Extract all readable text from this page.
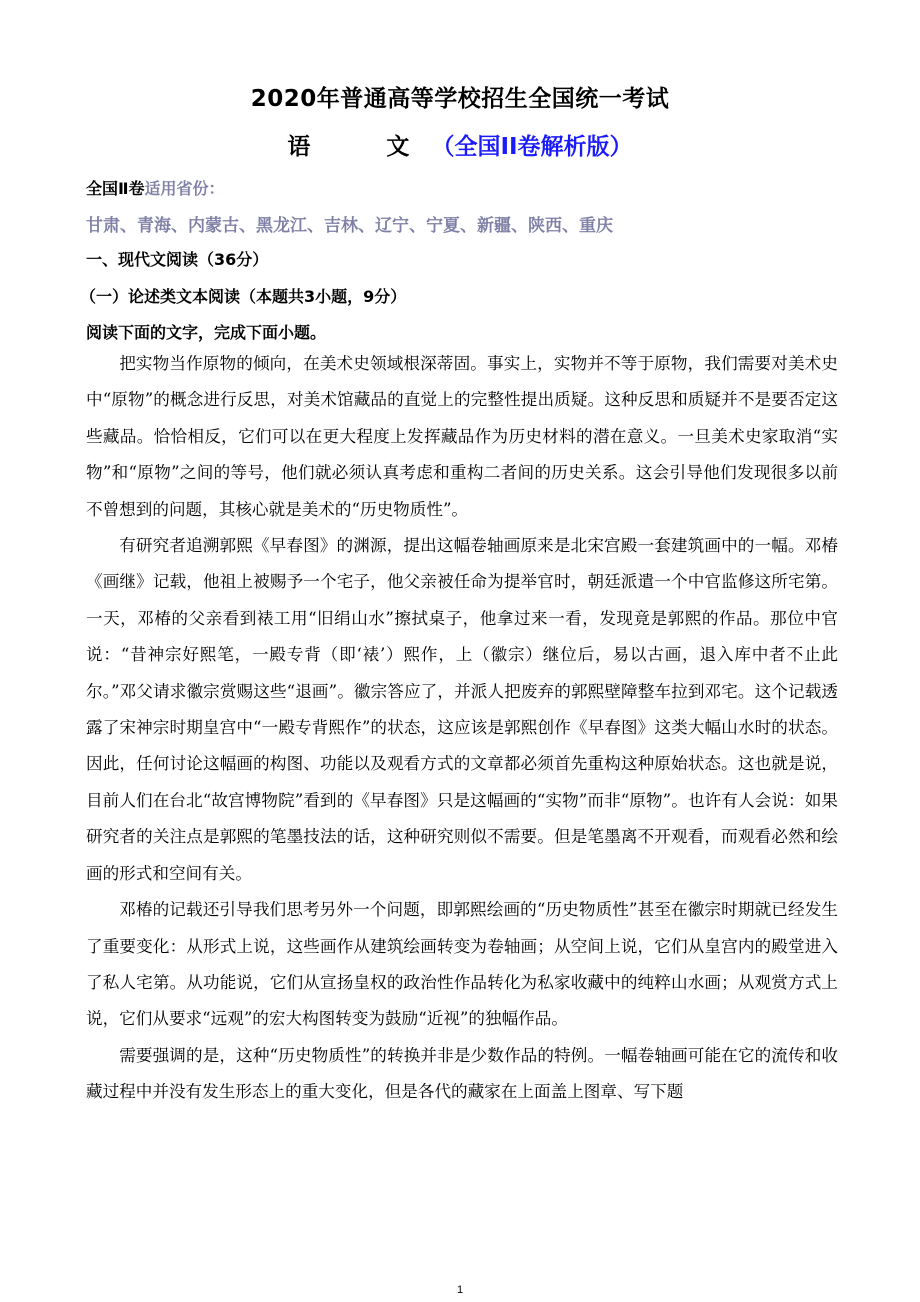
2020年普通高等学校招生全国统一考试
语 文（全国II卷解析版）
全国Ⅱ卷适用省份：
甘肃、青海、内蒙古、黑龙江、吉林、辽宁、宁夏、新疆、陕西、重庆
一、现代文阅读（36分）
（一）论述类文本阅读（本题共3小题，9分）
阅读下面的文字，完成下面小题。

把实物当作原物的倾向，在美术史领域根深蒂固。事实上，实物并不等于原物，我们需要对美术史中“原物”的概念进行反思，对美术馆藏品的直觉上的完整性提出质疑。这种反思和质疑并不是要否定这些藏品。恰恰相反，它们可以在更大程度上发挥藏品作为历史材料的潜在意义。一旦美术史家取消“实物”和“原物”之间的等号，他们就必须认真考虑和重构二者间的历史关系。这会引导他们发现很多以前不曾想到的问题，其核心就是美术的“历史物质性”。

有研究者追溯郭熙《早春图》的渊源，提出这幅卷轴画原来是北宋宫殿一套建筑画中的一幅。邓椿《画继》记载，他祖上被赐予一个宅子，他父亲被任命为提举官时，朝廷派遣一个中官监修这所宅第。一天，邓椿的父亲看到裱工用“旧绢山水”擦拭桌子，他拿过来一看，发现竟是郭熙的作品。那位中官说：“昔神宗好熙笔，一殿专背（即‘裱’）熙作，上（徽宗）继位后，易以古画，退入库中者不止此尔。”邓父请求徽宗赏赐这些“退画”。徽宗答应了，并派人把废弃的郭熙壁障整车拉到邓宅。这个记载透露了宋神宗时期皇宫中“一殿专背熙作”的状态，这应该是郭熙创作《早春图》这类大幅山水时的状态。因此，任何讨论这幅画的构图、功能以及观看方式的文章都必须首先重构这种原始状态。这也就是说，目前人们在台北“故宫博物院”看到的《早春图》只是这幅画的“实物”而非“原物”。也许有人会说：如果研究者的关注点是郭熙的笔墨技法的话，这种研究则似不需要。但是笔墨离不开观看，而观看必然和绘画的形式和空间有关。

邓椿的记载还引导我们思考另外一个问题，即郭熙绘画的“历史物质性”甚至在徽宗时期就已经发生了重要变化：从形式上说，这些画作从建筑绘画转变为卷轴画；从空间上说，它们从皇宫内的殿堂进入了私人宅第。从功能说，它们从宣扬皇权的政治性作品转化为私家收藏中的纯粹山水画；从观赏方式上说，它们从要求“远观”的宏大构图转变为鼓励“近视”的独幅作品。

需要强调的是，这种“历史物质性”的转换并非是少数作品的特例。一幅卷轴画可能在它的流传和收藏过程中并没有发生形态上的重大变化，但是各代的藏家在上面盖上图章、写下题

1
